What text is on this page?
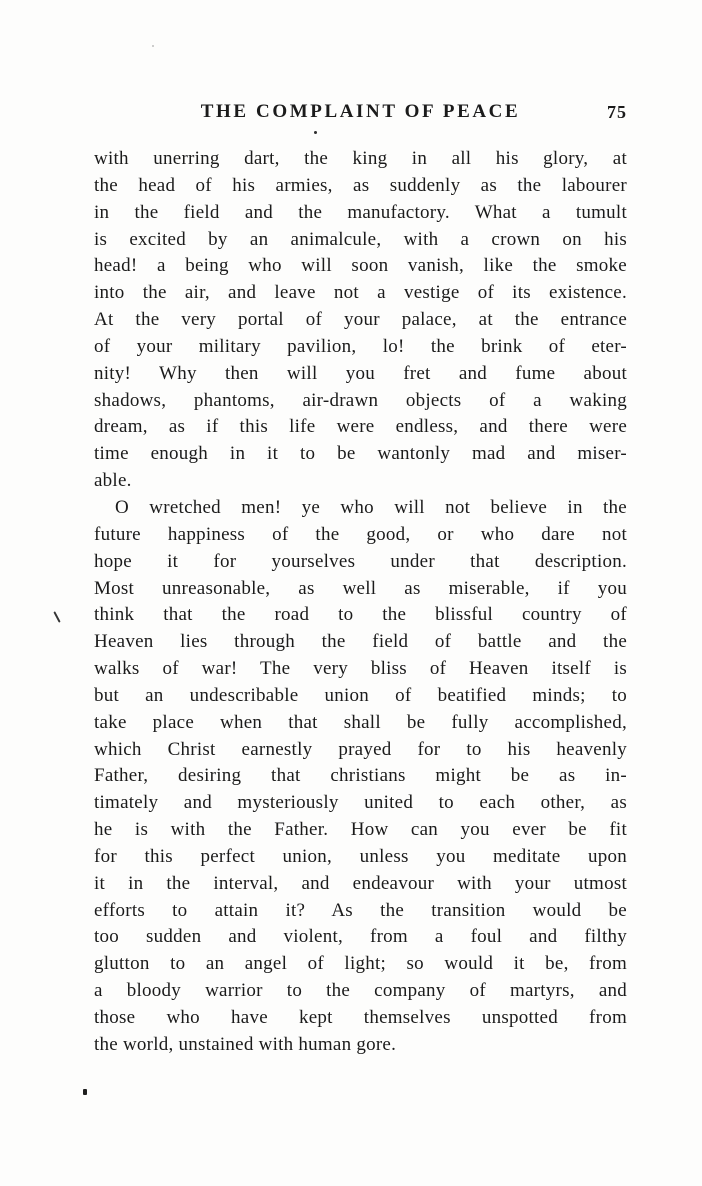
THE COMPLAINT OF PEACE	75
with unerring dart, the king in all his glory, at
the head of his armies, as suddenly as the labourer
in the field and the manufactory. What a tumult
is excited by an animalcule, with a crown on his
head! a being who will soon vanish, like the smoke
into the air, and leave not a vestige of its existence.
At the very portal of your palace, at the entrance
of your military pavilion, lo! the brink of eter-
nity! Why then will you fret and fume about
shadows, phantoms, air-drawn objects of a waking
dream, as if this life were endless, and there were
time enough in it to be wantonly mad and miser-
able.
O wretched men! ye who will not believe in the
future happiness of the good, or who dare not
hope it for yourselves under that description.
Most unreasonable, as well as miserable, if you
think that the road to the blissful country of
Heaven lies through the field of battle and the
walks of war! The very bliss of Heaven itself is
but an undescribable union of beatified minds; to
take place when that shall be fully accomplished,
which Christ earnestly prayed for to his heavenly
Father, desiring that christians might be as in-
timately and mysteriously united to each other, as
he is with the Father. How can you ever be fit
for this perfect union, unless you meditate upon
it in the interval, and endeavour with your utmost
efforts to attain it? As the transition would be
too sudden and violent, from a foul and filthy
glutton to an angel of light; so would it be, from
a bloody warrior to the company of martyrs, and
those who have kept themselves unspotted from
the world, unstained with human gore.
